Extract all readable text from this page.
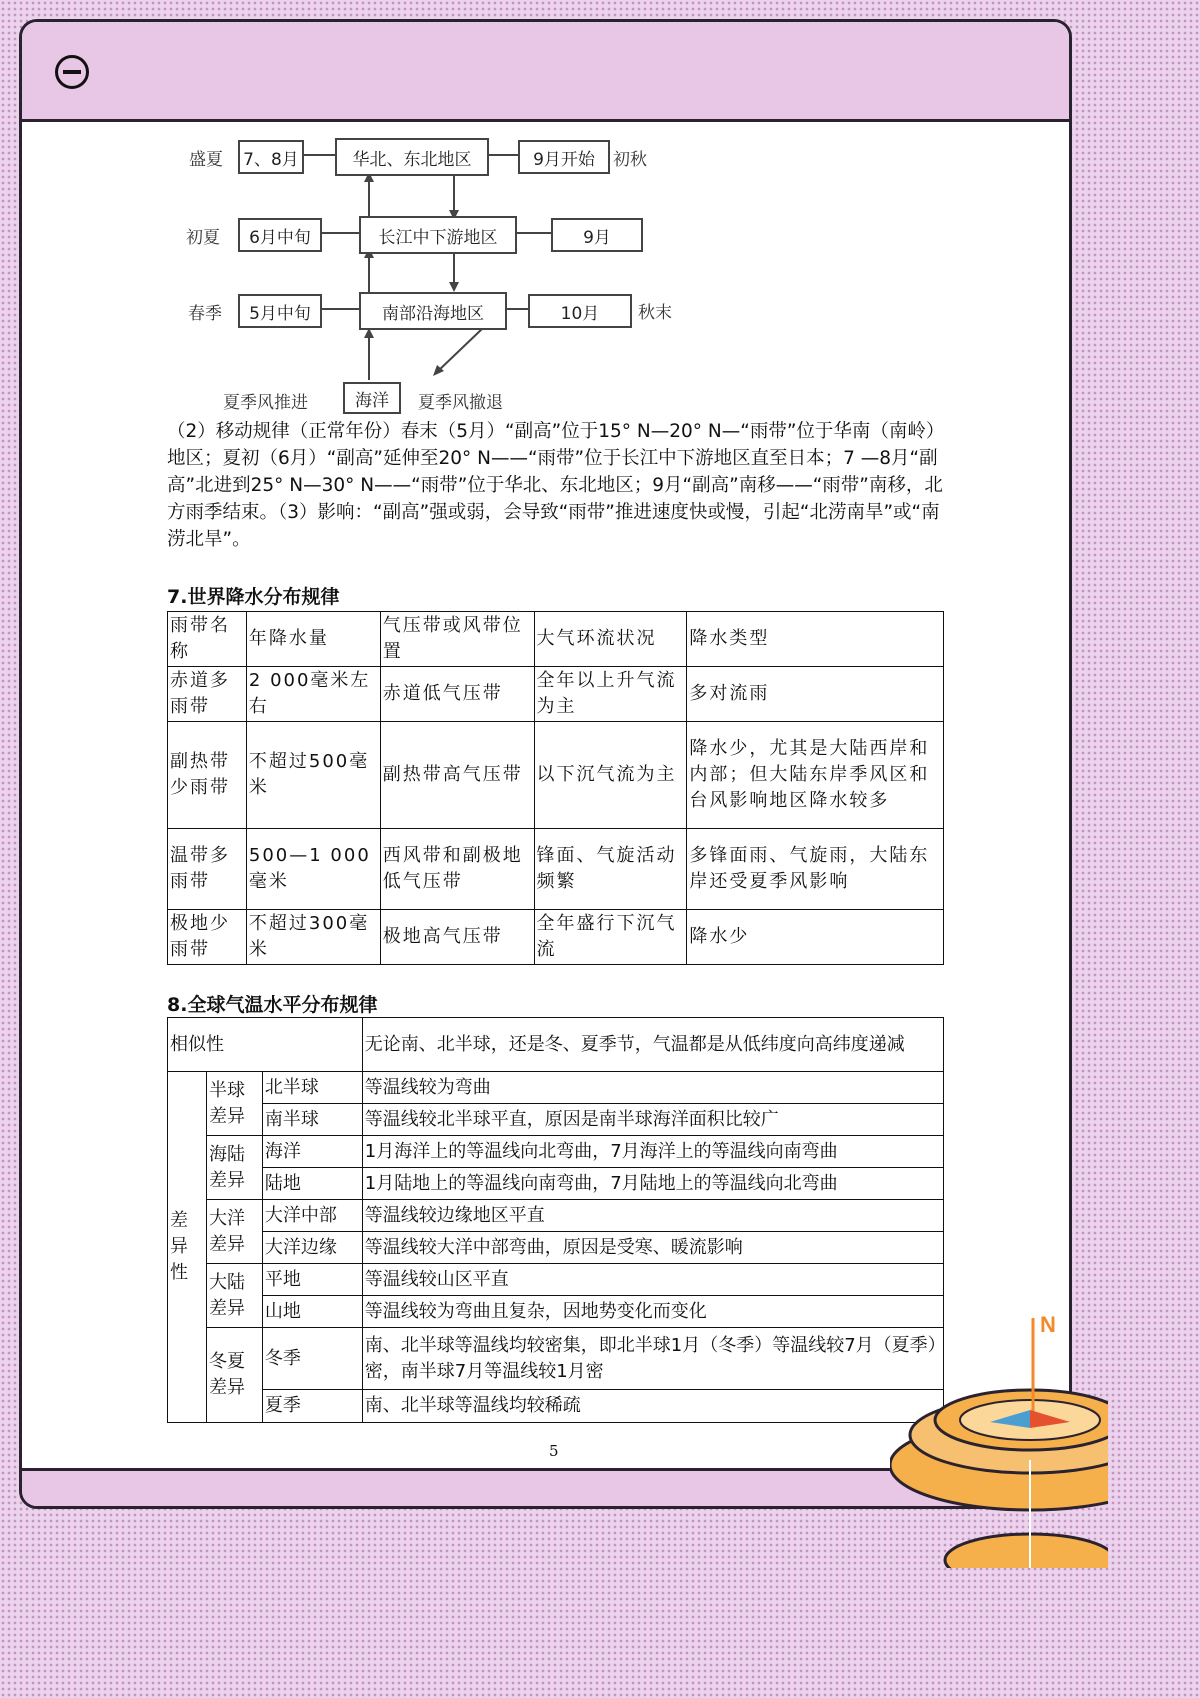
盛夏	7、8月	华北、东北地区	9月开始	初秋
初夏	6月中旬	长江中下游地区	9月
春季	5月中旬	南部沿海地区	10月	秋末
夏季风推进	海洋	夏季风撤退
（2）移动规律（正常年份）春末（5月）“副高”位于15° N—20° N—“雨带”位于华南（南岭）地区；夏初（6月）“副高”延伸至20° N——“雨带”位于长江中下游地区直至日本；7 —8月“副高”北进到25° N—30° N——“雨带”位于华北、东北地区；9月“副高”南移——“雨带”南移，北方雨季结束。（3）影响：“副高”强或弱，会导致“雨带”推进速度快或慢，引起“北涝南旱”或“南涝北旱”。
7.世界降水分布规律
雨带名称	年降水量	气压带或风带位置	大气环流状况	降水类型
赤道多雨带	2 000毫米左右	赤道低气压带	全年以上升气流为主	多对流雨
副热带少雨带	不超过500毫米	副热带高气压带	以下沉气流为主	降水少，尤其是大陆西岸和内部；但大陆东岸季风区和台风影响地区降水较多
温带多雨带	500—1 000毫米	西风带和副极地低气压带	锋面、气旋活动频繁	多锋面雨、气旋雨，大陆东岸还受夏季风影响
极地少雨带	不超过300毫米	极地高气压带	全年盛行下沉气流	降水少
8.全球气温水平分布规律
相似性			无论南、北半球，还是冬、夏季节，气温都是从低纬度向高纬度递减
差异性	半球差异	北半球	等温线较为弯曲
		南半球	等温线较北半球平直，原因是南半球海洋面积比较广
	海陆差异	海洋	1月海洋上的等温线向北弯曲，7月海洋上的等温线向南弯曲
		陆地	1月陆地上的等温线向南弯曲，7月陆地上的等温线向北弯曲
	大洋差异	大洋中部	等温线较边缘地区平直
		大洋边缘	等温线较大洋中部弯曲，原因是受寒、暖流影响
	大陆差异	平地	等温线较山区平直
		山地	等温线较为弯曲且复杂，因地势变化而变化
	冬夏差异	冬季	南、北半球等温线均较密集，即北半球1月（冬季）等温线较7月（夏季）密，南半球7月等温线较1月密
		夏季	南、北半球等温线均较稀疏
5
N
